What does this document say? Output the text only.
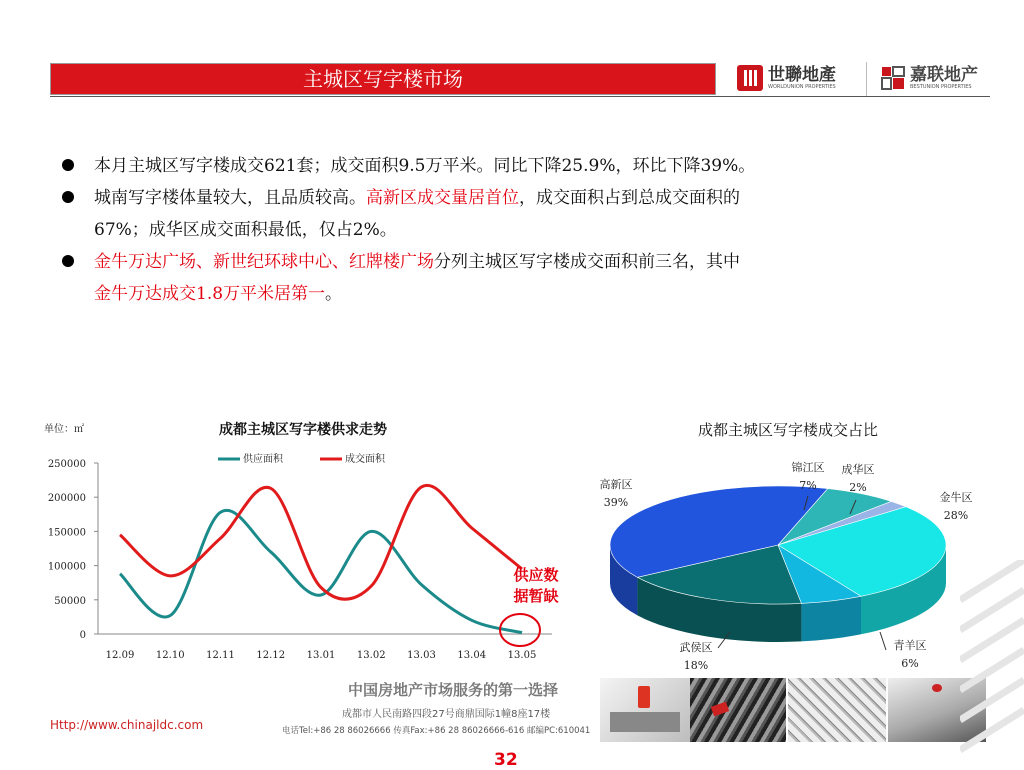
主城区写字楼市场	世聯地產
WORLDUNION PROPERTIES
嘉联地产
BESTUNION PROPERTIES
本月主城区写字楼成交621套；成交面积9.5万平米。同比下降25.9%，环比下降39%。
城南写字楼体量较大，且品质较高。高新区成交量居首位，成交面积占到总成交面积的
67%；成华区成交面积最低，仅占2%。
金牛万达广场、新世纪环球中心、红牌楼广场分列主城区写字楼成交面积前三名，其中
金牛万达成交1.8万平米居第一。
单位：㎡	成都主城区写字楼供求走势
供应面积	成交面积
0
50000
100000
150000
200000
250000
12.09 12.10 12.11 12.12 13.01 13.02 13.03 13.04 13.05
供应数
据暂缺
成都主城区写字楼成交占比
锦江区
7%
成华区
2%
金牛区
28%
青羊区
6%
武侯区
18%
高新区
39%
中国房地产市场服务的第一选择
成都市人民南路四段27号商鼎国际1幢8座17楼
电话Tel:+86 28 86026666 传真Fax:+86 28 86026666-616 邮编PC:610041
Http://www.chinajldc.com
32
